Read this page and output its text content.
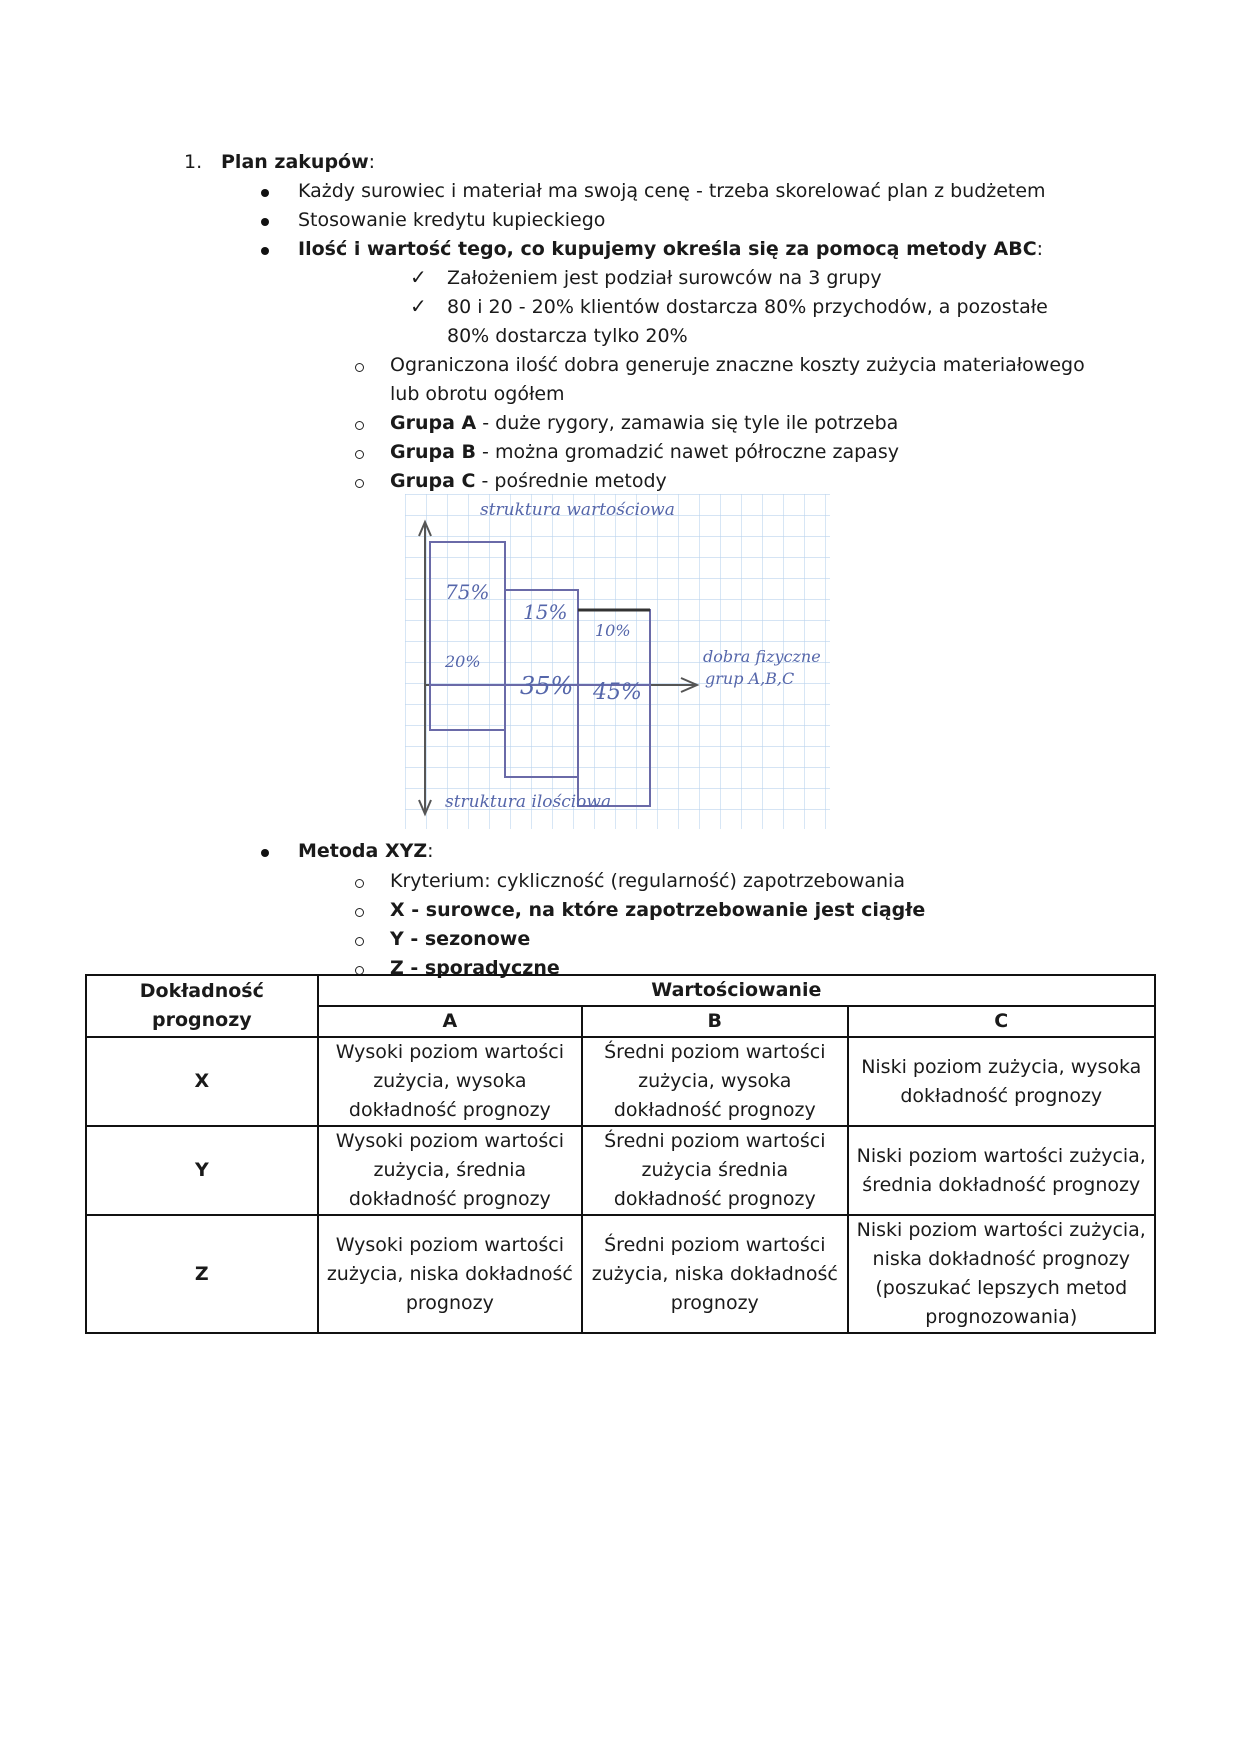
1. Plan zakupów:
Każdy surowiec i materiał ma swoją cenę - trzeba skorelować plan z budżetem
Stosowanie kredytu kupieckiego
Ilość i wartość tego, co kupujemy określa się za pomocą metody ABC:
✓ Założeniem jest podział surowców na 3 grupy
✓ 80 i 20 - 20% klientów dostarcza 80% przychodów, a pozostałe
80% dostarcza tylko 20%
Ograniczona ilość dobra generuje znaczne koszty zużycia materiałowego
lub obrotu ogółem
Grupa A - duże rygory, zamawia się tyle ile potrzeba
Grupa B - można gromadzić nawet półroczne zapasy
Grupa C - pośrednie metody
struktura wartościowa
struktura ilościowa
dobra fizyczne
grup A,B,C
75%
15%
10%
20%
35% 45%
Metoda XYZ:
Kryterium: cykliczność (regularność) zapotrzebowania
X - surowce, na które zapotrzebowanie jest ciągłe
Y - sezonowe
Z - sporadyczne
Dokładność prognozy	Wartościowanie		
	A	B	C
X	Wysoki poziom wartości zużycia, wysoka dokładność prognozy	Średni poziom wartości zużycia, wysoka dokładność prognozy	Niski poziom zużycia, wysoka dokładność prognozy
Y	Wysoki poziom wartości zużycia, średnia dokładność prognozy	Średni poziom wartości zużycia średnia dokładność prognozy	Niski poziom wartości zużycia, średnia dokładność prognozy
Z	Wysoki poziom wartości zużycia, niska dokładność prognozy	Średni poziom wartości zużycia, niska dokładność prognozy	Niski poziom wartości zużycia, niska dokładność prognozy (poszukać lepszych metod prognozowania)
